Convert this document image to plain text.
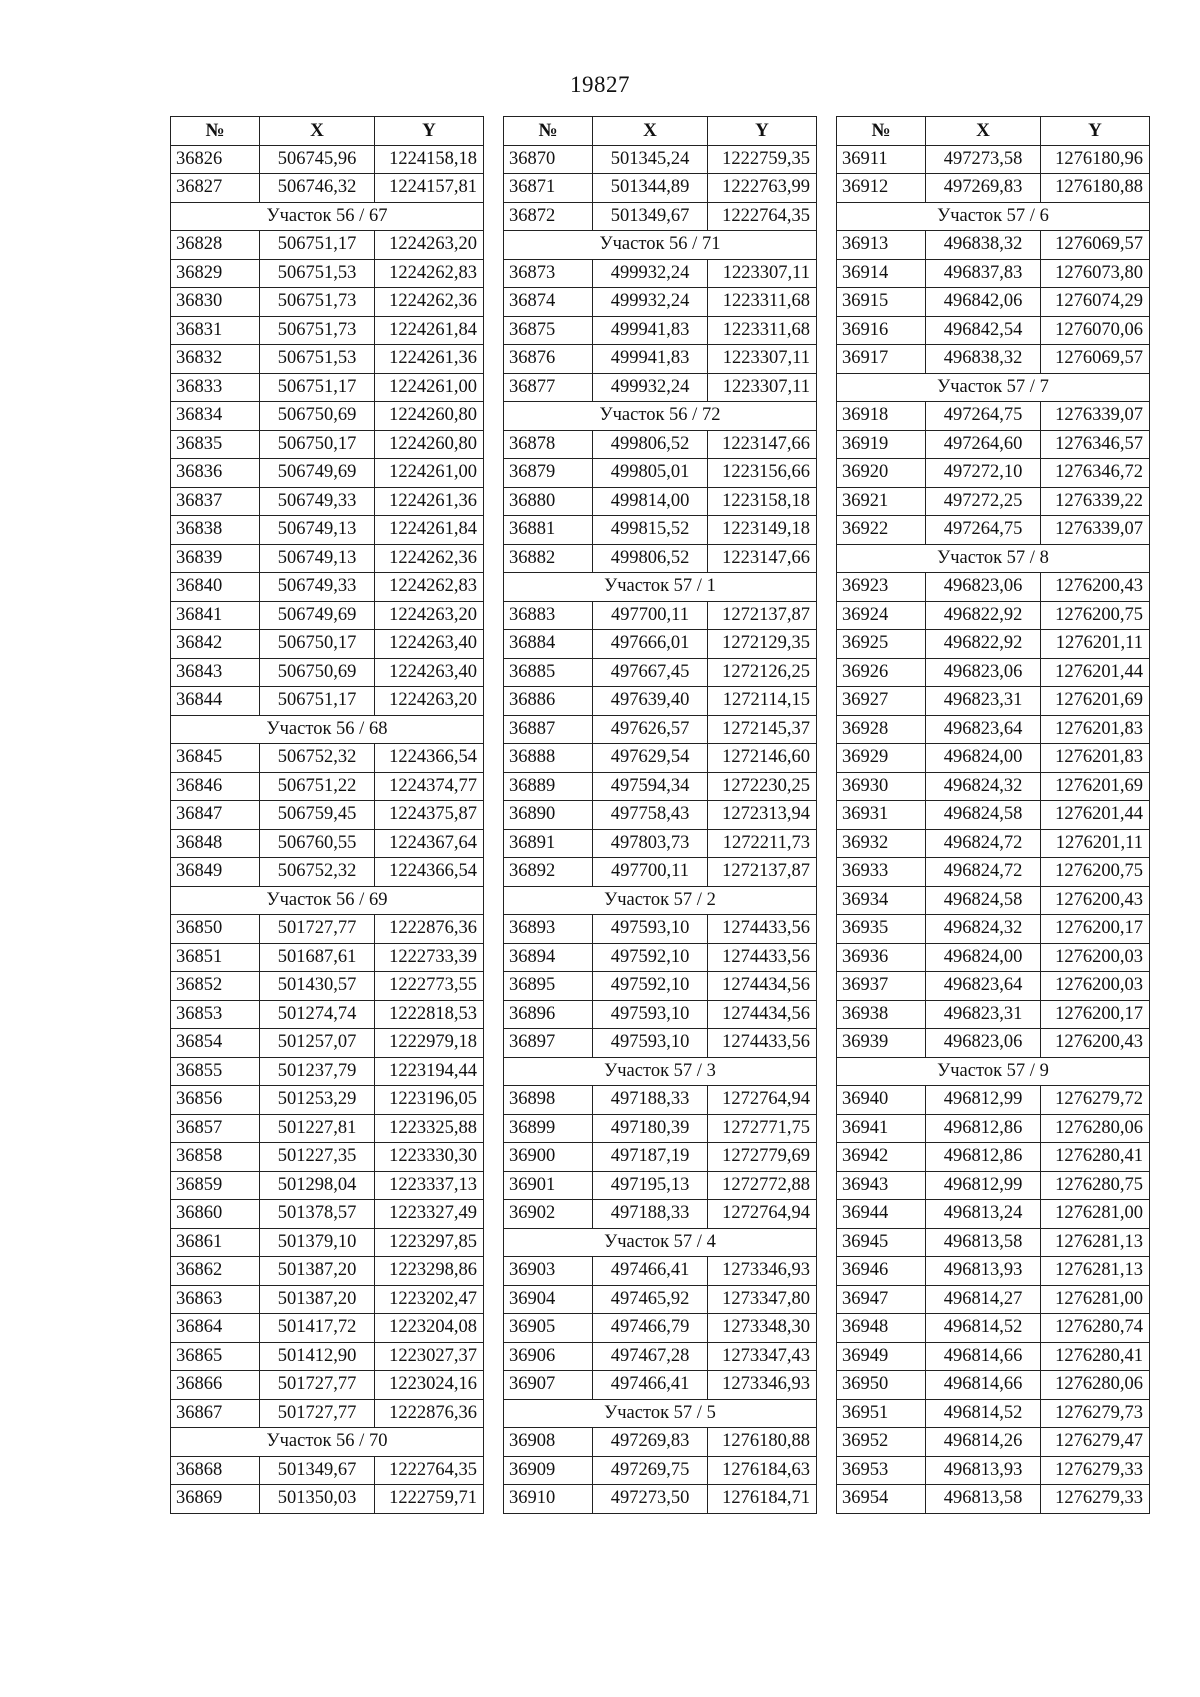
19827
№	X	Y
36826	506745,96	1224158,18
36827	506746,32	1224157,81
Участок 56 / 67		
36828	506751,17	1224263,20
36829	506751,53	1224262,83
36830	506751,73	1224262,36
36831	506751,73	1224261,84
36832	506751,53	1224261,36
36833	506751,17	1224261,00
36834	506750,69	1224260,80
36835	506750,17	1224260,80
36836	506749,69	1224261,00
36837	506749,33	1224261,36
36838	506749,13	1224261,84
36839	506749,13	1224262,36
36840	506749,33	1224262,83
36841	506749,69	1224263,20
36842	506750,17	1224263,40
36843	506750,69	1224263,40
36844	506751,17	1224263,20
Участок 56 / 68		
36845	506752,32	1224366,54
36846	506751,22	1224374,77
36847	506759,45	1224375,87
36848	506760,55	1224367,64
36849	506752,32	1224366,54
Участок 56 / 69		
36850	501727,77	1222876,36
36851	501687,61	1222733,39
36852	501430,57	1222773,55
36853	501274,74	1222818,53
36854	501257,07	1222979,18
36855	501237,79	1223194,44
36856	501253,29	1223196,05
36857	501227,81	1223325,88
36858	501227,35	1223330,30
36859	501298,04	1223337,13
36860	501378,57	1223327,49
36861	501379,10	1223297,85
36862	501387,20	1223298,86
36863	501387,20	1223202,47
36864	501417,72	1223204,08
36865	501412,90	1223027,37
36866	501727,77	1223024,16
36867	501727,77	1222876,36
Участок 56 / 70		
36868	501349,67	1222764,35
36869	501350,03	1222759,71
№	X	Y
36870	501345,24	1222759,35
36871	501344,89	1222763,99
36872	501349,67	1222764,35
Участок 56 / 71		
36873	499932,24	1223307,11
36874	499932,24	1223311,68
36875	499941,83	1223311,68
36876	499941,83	1223307,11
36877	499932,24	1223307,11
Участок 56 / 72		
36878	499806,52	1223147,66
36879	499805,01	1223156,66
36880	499814,00	1223158,18
36881	499815,52	1223149,18
36882	499806,52	1223147,66
Участок 57 / 1		
36883	497700,11	1272137,87
36884	497666,01	1272129,35
36885	497667,45	1272126,25
36886	497639,40	1272114,15
36887	497626,57	1272145,37
36888	497629,54	1272146,60
36889	497594,34	1272230,25
36890	497758,43	1272313,94
36891	497803,73	1272211,73
36892	497700,11	1272137,87
Участок 57 / 2		
36893	497593,10	1274433,56
36894	497592,10	1274433,56
36895	497592,10	1274434,56
36896	497593,10	1274434,56
36897	497593,10	1274433,56
Участок 57 / 3		
36898	497188,33	1272764,94
36899	497180,39	1272771,75
36900	497187,19	1272779,69
36901	497195,13	1272772,88
36902	497188,33	1272764,94
Участок 57 / 4		
36903	497466,41	1273346,93
36904	497465,92	1273347,80
36905	497466,79	1273348,30
36906	497467,28	1273347,43
36907	497466,41	1273346,93
Участок 57 / 5		
36908	497269,83	1276180,88
36909	497269,75	1276184,63
36910	497273,50	1276184,71
№	X	Y
36911	497273,58	1276180,96
36912	497269,83	1276180,88
Участок 57 / 6		
36913	496838,32	1276069,57
36914	496837,83	1276073,80
36915	496842,06	1276074,29
36916	496842,54	1276070,06
36917	496838,32	1276069,57
Участок 57 / 7		
36918	497264,75	1276339,07
36919	497264,60	1276346,57
36920	497272,10	1276346,72
36921	497272,25	1276339,22
36922	497264,75	1276339,07
Участок 57 / 8		
36923	496823,06	1276200,43
36924	496822,92	1276200,75
36925	496822,92	1276201,11
36926	496823,06	1276201,44
36927	496823,31	1276201,69
36928	496823,64	1276201,83
36929	496824,00	1276201,83
36930	496824,32	1276201,69
36931	496824,58	1276201,44
36932	496824,72	1276201,11
36933	496824,72	1276200,75
36934	496824,58	1276200,43
36935	496824,32	1276200,17
36936	496824,00	1276200,03
36937	496823,64	1276200,03
36938	496823,31	1276200,17
36939	496823,06	1276200,43
Участок 57 / 9		
36940	496812,99	1276279,72
36941	496812,86	1276280,06
36942	496812,86	1276280,41
36943	496812,99	1276280,75
36944	496813,24	1276281,00
36945	496813,58	1276281,13
36946	496813,93	1276281,13
36947	496814,27	1276281,00
36948	496814,52	1276280,74
36949	496814,66	1276280,41
36950	496814,66	1276280,06
36951	496814,52	1276279,73
36952	496814,26	1276279,47
36953	496813,93	1276279,33
36954	496813,58	1276279,33
